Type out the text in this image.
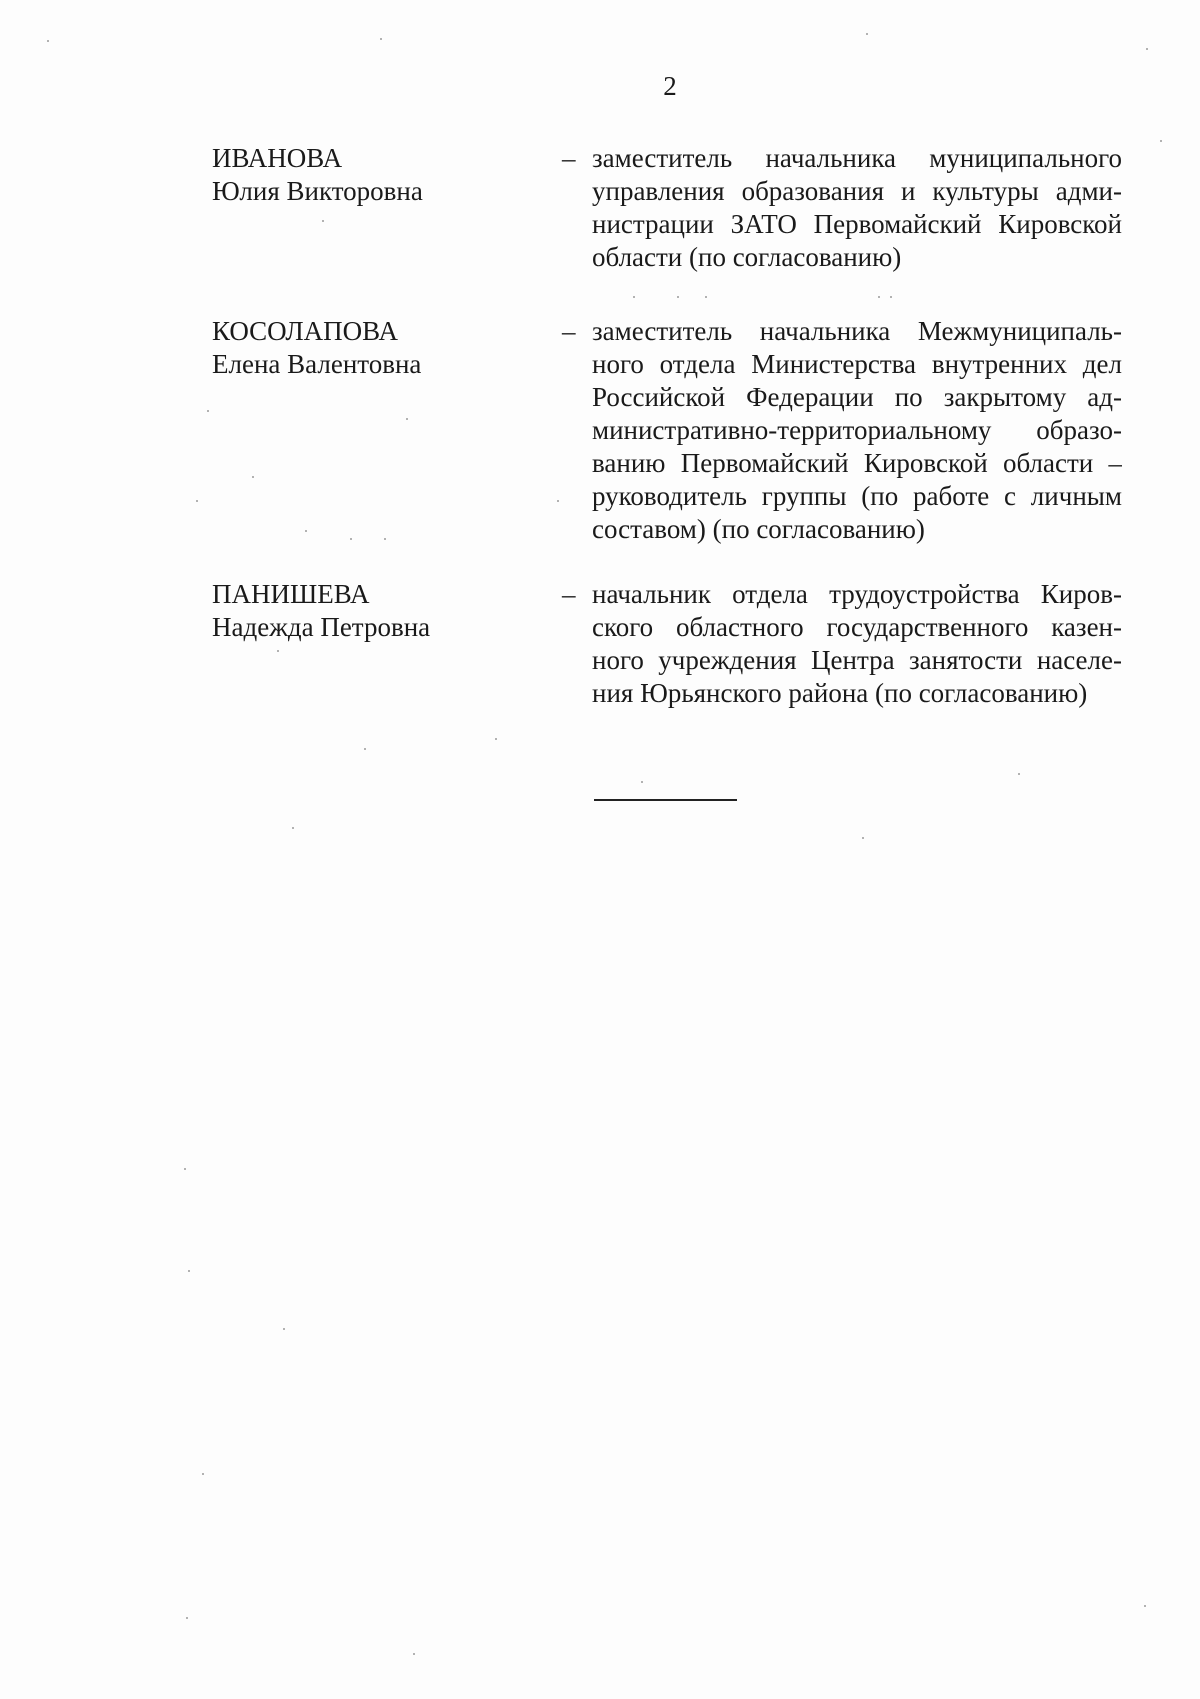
2
ИВАНОВА
Юлия Викторовна
– заместитель начальника муниципального
управления образования и культуры адми-
нистрации ЗАТО Первомайский Кировской
области (по согласованию)
КОСОЛАПОВА
Елена Валентовна
– заместитель начальника Межмуниципаль-
ного отдела Министерства внутренних дел
Российской Федерации по закрытому ад-
министративно-территориальному образо-
ванию Первомайский Кировской области –
руководитель группы (по работе с личным
составом) (по согласованию)
ПАНИШЕВА
Надежда Петровна
– начальник отдела трудоустройства Киров-
ского областного государственного казен-
ного учреждения Центра занятости населе-
ния Юрьянского района (по согласованию)
